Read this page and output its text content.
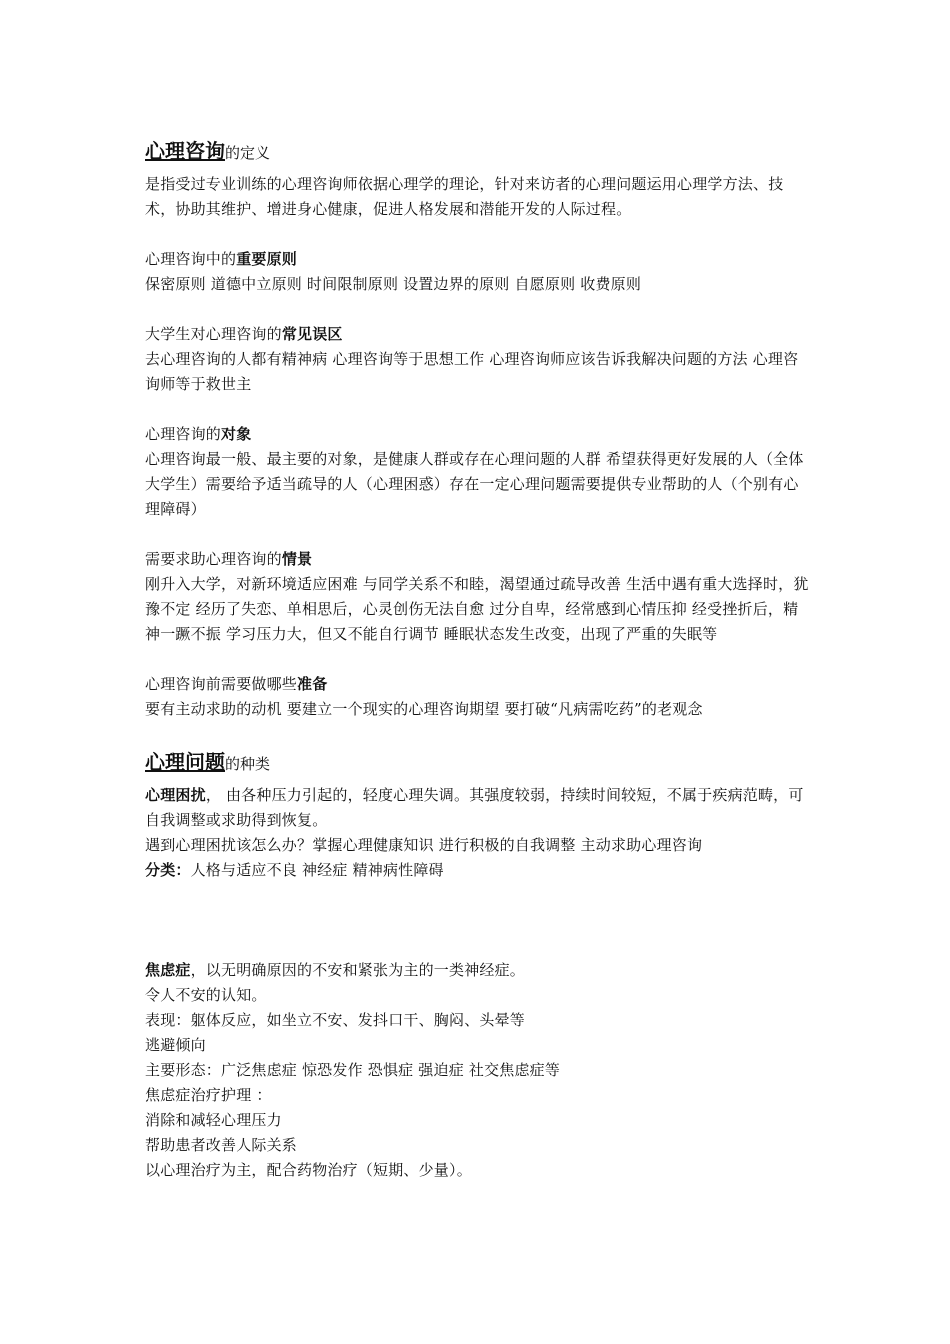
心理咨询的定义

是指受过专业训练的心理咨询师依据心理学的理论，针对来访者的心理问题运用心理学方法、技术，协助其维护、增进身心健康，促进人格发展和潜能开发的人际过程。

心理咨询中的重要原则

保密原则 道德中立原则 时间限制原则 设置边界的原则 自愿原则 收费原则

大学生对心理咨询的常见误区

去心理咨询的人都有精神病 心理咨询等于思想工作 心理咨询师应该告诉我解决问题的方法 心理咨询师等于救世主

心理咨询的对象

心理咨询最一般、最主要的对象，是健康人群或存在心理问题的人群 希望获得更好发展的人（全体大学生）需要给予适当疏导的人（心理困惑）存在一定心理问题需要提供专业帮助的人（个别有心理障碍）

需要求助心理咨询的情景

刚升入大学，对新环境适应困难 与同学关系不和睦，渴望通过疏导改善 生活中遇有重大选择时，犹豫不定 经历了失恋、单相思后，心灵创伤无法自愈 过分自卑，经常感到心情压抑 经受挫折后，精神一蹶不振 学习压力大，但又不能自行调节 睡眠状态发生改变，出现了严重的失眠等

心理咨询前需要做哪些准备

要有主动求助的动机 要建立一个现实的心理咨询期望 要打破“凡病需吃药”的老观念

心理问题的种类

心理困扰， 由各种压力引起的，轻度心理失调。其强度较弱，持续时间较短，不属于疾病范畴，可自我调整或求助得到恢复。

遇到心理困扰该怎么办？掌握心理健康知识 进行积极的自我调整 主动求助心理咨询

分类：人格与适应不良 神经症 精神病性障碍

焦虑症，以无明确原因的不安和紧张为主的一类神经症。

令人不安的认知。

表现：躯体反应，如坐立不安、发抖口干、胸闷、头晕等

逃避倾向

主要形态：广泛焦虑症 惊恐发作 恐惧症 强迫症 社交焦虑症等

焦虑症治疗护理 ：

消除和减轻心理压力

帮助患者改善人际关系

以心理治疗为主，配合药物治疗（短期、少量）。
